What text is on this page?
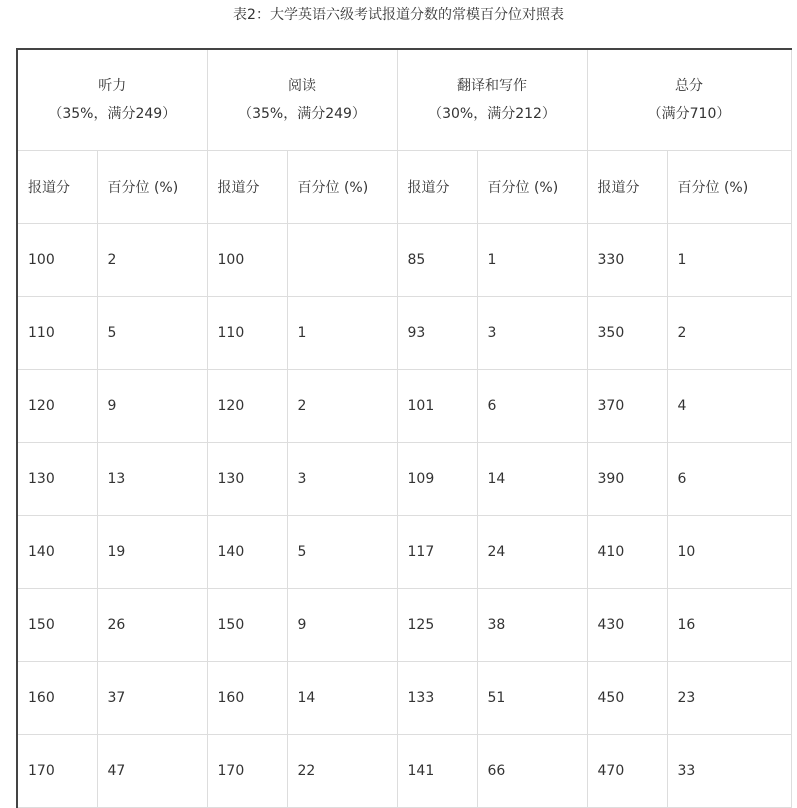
表2：大学英语六级考试报道分数的常模百分位对照表
听力
（35%，满分249）		阅读
（35%，满分249）		翻译和写作
（30%，满分212）		总分
（满分710）	

报道分	百分位 (%)	报道分	百分位 (%)	报道分	百分位 (%)	报道分	百分位 (%)
100	2	100		85	1	330	1
110	5	110	1	93	3	350	2
120	9	120	2	101	6	370	4
130	13	130	3	109	14	390	6
140	19	140	5	117	24	410	10
150	26	150	9	125	38	430	16
160	37	160	14	133	51	450	23
170	47	170	22	141	66	470	33
